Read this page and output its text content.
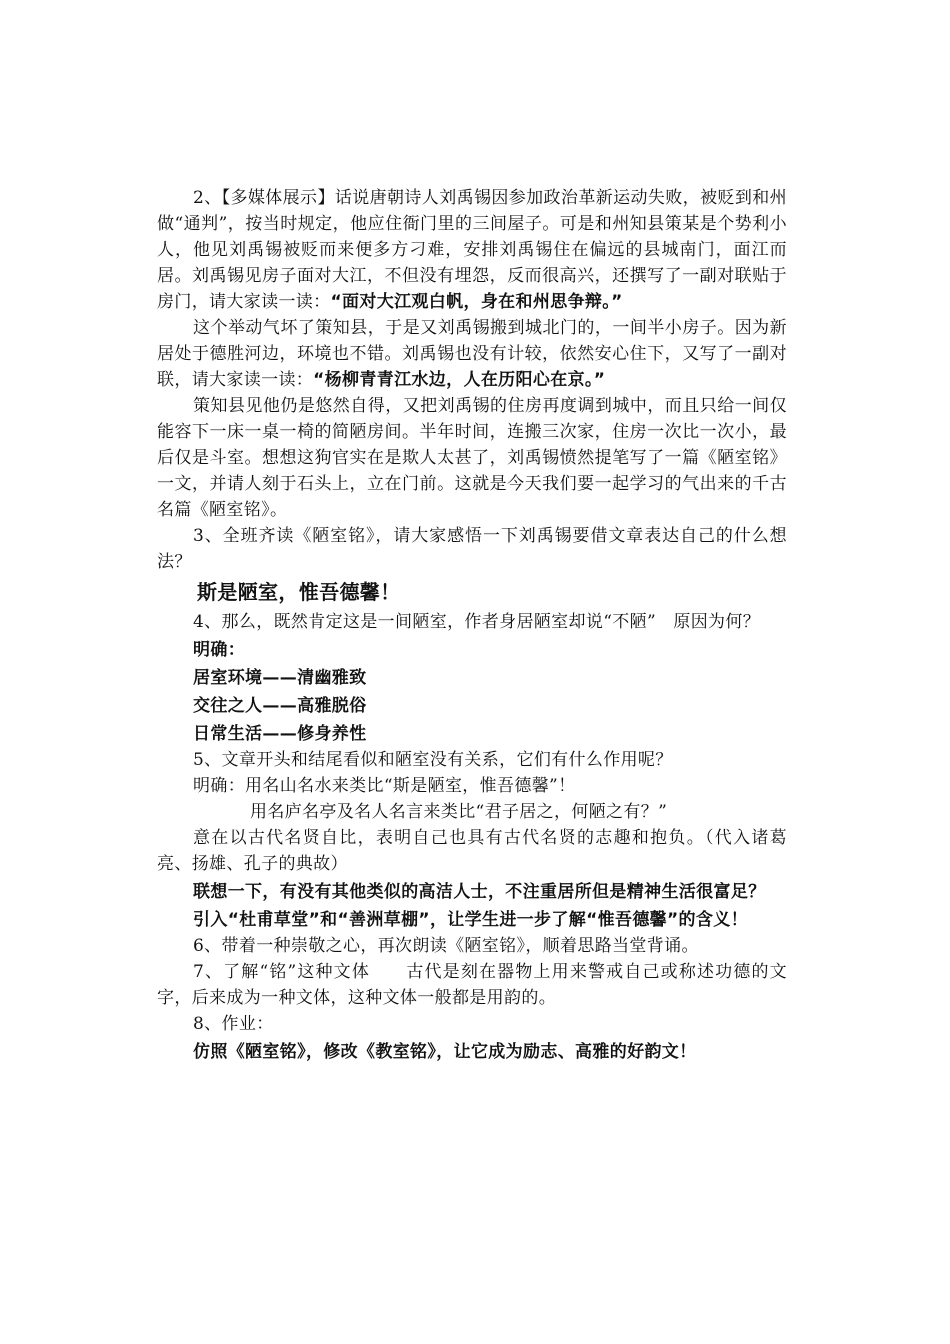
2、【多媒体展示】话说唐朝诗人刘禹锡因参加政治革新运动失败，被贬到和州做“通判”，按当时规定，他应住衙门里的三间屋子。可是和州知县策某是个势利小人，他见刘禹锡被贬而来便多方刁难，安排刘禹锡住在偏远的县城南门，面江而居。刘禹锡见房子面对大江，不但没有埋怨，反而很高兴，还撰写了一副对联贴于房门，请大家读一读：“面对大江观白帆，身在和州思争辩。”

这个举动气坏了策知县，于是又刘禹锡搬到城北门的，一间半小房子。因为新居处于德胜河边，环境也不错。刘禹锡也没有计较，依然安心住下，又写了一副对联，请大家读一读：“杨柳青青江水边，人在历阳心在京。”

策知县见他仍是悠然自得，又把刘禹锡的住房再度调到城中，而且只给一间仅能容下一床一桌一椅的简陋房间。半年时间，连搬三次家，住房一次比一次小，最后仅是斗室。想想这狗官实在是欺人太甚了，刘禹锡愤然提笔写了一篇《陋室铭》一文，并请人刻于石头上，立在门前。这就是今天我们要一起学习的气出来的千古名篇《陋室铭》。

3、全班齐读《陋室铭》，请大家感悟一下刘禹锡要借文章表达自己的什么想法？

斯是陋室，惟吾德馨！

4、那么，既然肯定这是一间陋室，作者身居陋室却说“不陋”　原因为何？

明确：

居室环境——清幽雅致

交往之人——高雅脱俗

日常生活——修身养性

5、文章开头和结尾看似和陋室没有关系，它们有什么作用呢？

明确：用名山名水来类比“斯是陋室，惟吾德馨”！

用名庐名亭及名人名言来类比“君子居之，何陋之有？”

意在以古代名贤自比，表明自己也具有古代名贤的志趣和抱负。（代入诸葛亮、扬雄、孔子的典故）

联想一下，有没有其他类似的高洁人士，不注重居所但是精神生活很富足？

引入“杜甫草堂”和“善洲草棚”，让学生进一步了解“惟吾德馨”的含义！

6、带着一种崇敬之心，再次朗读《陋室铭》，顺着思路当堂背诵。

7、了解“铭”这种文体　　古代是刻在器物上用来警戒自己或称述功德的文字，后来成为一种文体，这种文体一般都是用韵的。

8、作业：

仿照《陋室铭》，修改《教室铭》，让它成为励志、高雅的好韵文！
